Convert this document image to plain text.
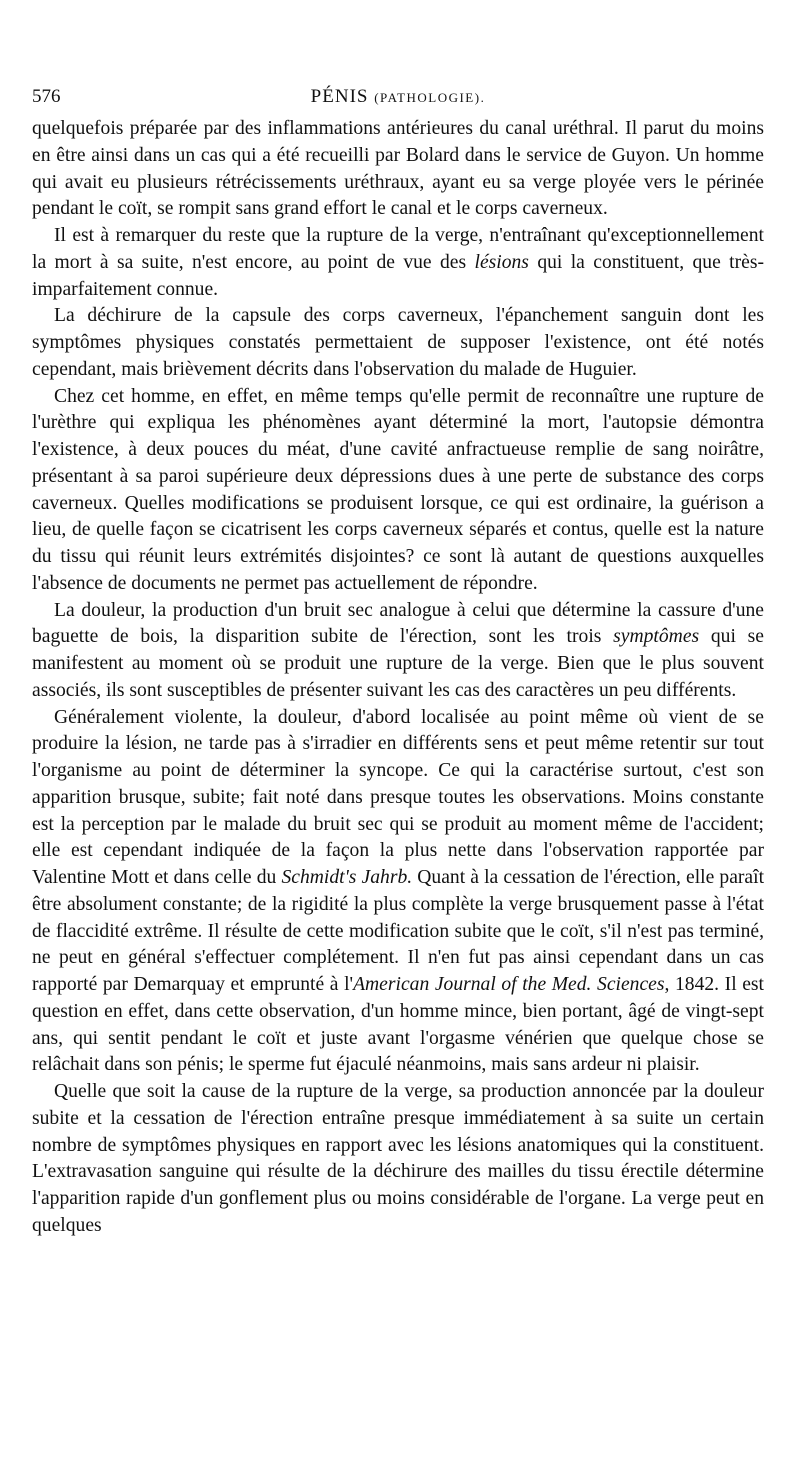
576	PÉNIS (PATHOLOGIE).

quelquefois préparée par des inflammations antérieures du canal uréthral. Il parut du moins en être ainsi dans un cas qui a été recueilli par Bolard dans le service de Guyon. Un homme qui avait eu plusieurs rétrécissements uréthraux, ayant eu sa verge ployée vers le périnée pendant le coït, se rompit sans grand effort le canal et le corps caverneux.

Il est à remarquer du reste que la rupture de la verge, n'entraînant qu'exceptionnellement la mort à sa suite, n'est encore, au point de vue des lésions qui la constituent, que très-imparfaitement connue.

La déchirure de la capsule des corps caverneux, l'épanchement sanguin dont les symptômes physiques constatés permettaient de supposer l'existence, ont été notés cependant, mais brièvement décrits dans l'observation du malade de Huguier.

Chez cet homme, en effet, en même temps qu'elle permit de reconnaître une rupture de l'urèthre qui expliqua les phénomènes ayant déterminé la mort, l'autopsie démontra l'existence, à deux pouces du méat, d'une cavité anfractueuse remplie de sang noirâtre, présentant à sa paroi supérieure deux dépressions dues à une perte de substance des corps caverneux. Quelles modifications se produisent lorsque, ce qui est ordinaire, la guérison a lieu, de quelle façon se cicatrisent les corps caverneux séparés et contus, quelle est la nature du tissu qui réunit leurs extrémités disjointes? ce sont là autant de questions auxquelles l'absence de documents ne permet pas actuellement de répondre.

La douleur, la production d'un bruit sec analogue à celui que détermine la cassure d'une baguette de bois, la disparition subite de l'érection, sont les trois symptômes qui se manifestent au moment où se produit une rupture de la verge. Bien que le plus souvent associés, ils sont susceptibles de présenter suivant les cas des caractères un peu différents.

Généralement violente, la douleur, d'abord localisée au point même où vient de se produire la lésion, ne tarde pas à s'irradier en différents sens et peut même retentir sur tout l'organisme au point de déterminer la syncope. Ce qui la caractérise surtout, c'est son apparition brusque, subite; fait noté dans presque toutes les observations. Moins constante est la perception par le malade du bruit sec qui se produit au moment même de l'accident; elle est cependant indiquée de la façon la plus nette dans l'observation rapportée par Valentine Mott et dans celle du Schmidt's Jahrb. Quant à la cessation de l'érection, elle paraît être absolument constante; de la rigidité la plus complète la verge brusquement passe à l'état de flaccidité extrême. Il résulte de cette modification subite que le coït, s'il n'est pas terminé, ne peut en général s'effectuer complétement. Il n'en fut pas ainsi cependant dans un cas rapporté par Demarquay et emprunté à l'American Journal of the Med. Sciences, 1842. Il est question en effet, dans cette observation, d'un homme mince, bien portant, âgé de vingt-sept ans, qui sentit pendant le coït et juste avant l'orgasme vénérien que quelque chose se relâchait dans son pénis; le sperme fut éjaculé néanmoins, mais sans ardeur ni plaisir.

Quelle que soit la cause de la rupture de la verge, sa production annoncée par la douleur subite et la cessation de l'érection entraîne presque immédiatement à sa suite un certain nombre de symptômes physiques en rapport avec les lésions anatomiques qui la constituent. L'extravasation sanguine qui résulte de la déchirure des mailles du tissu érectile détermine l'apparition rapide d'un gonflement plus ou moins considérable de l'organe. La verge peut en quelques
